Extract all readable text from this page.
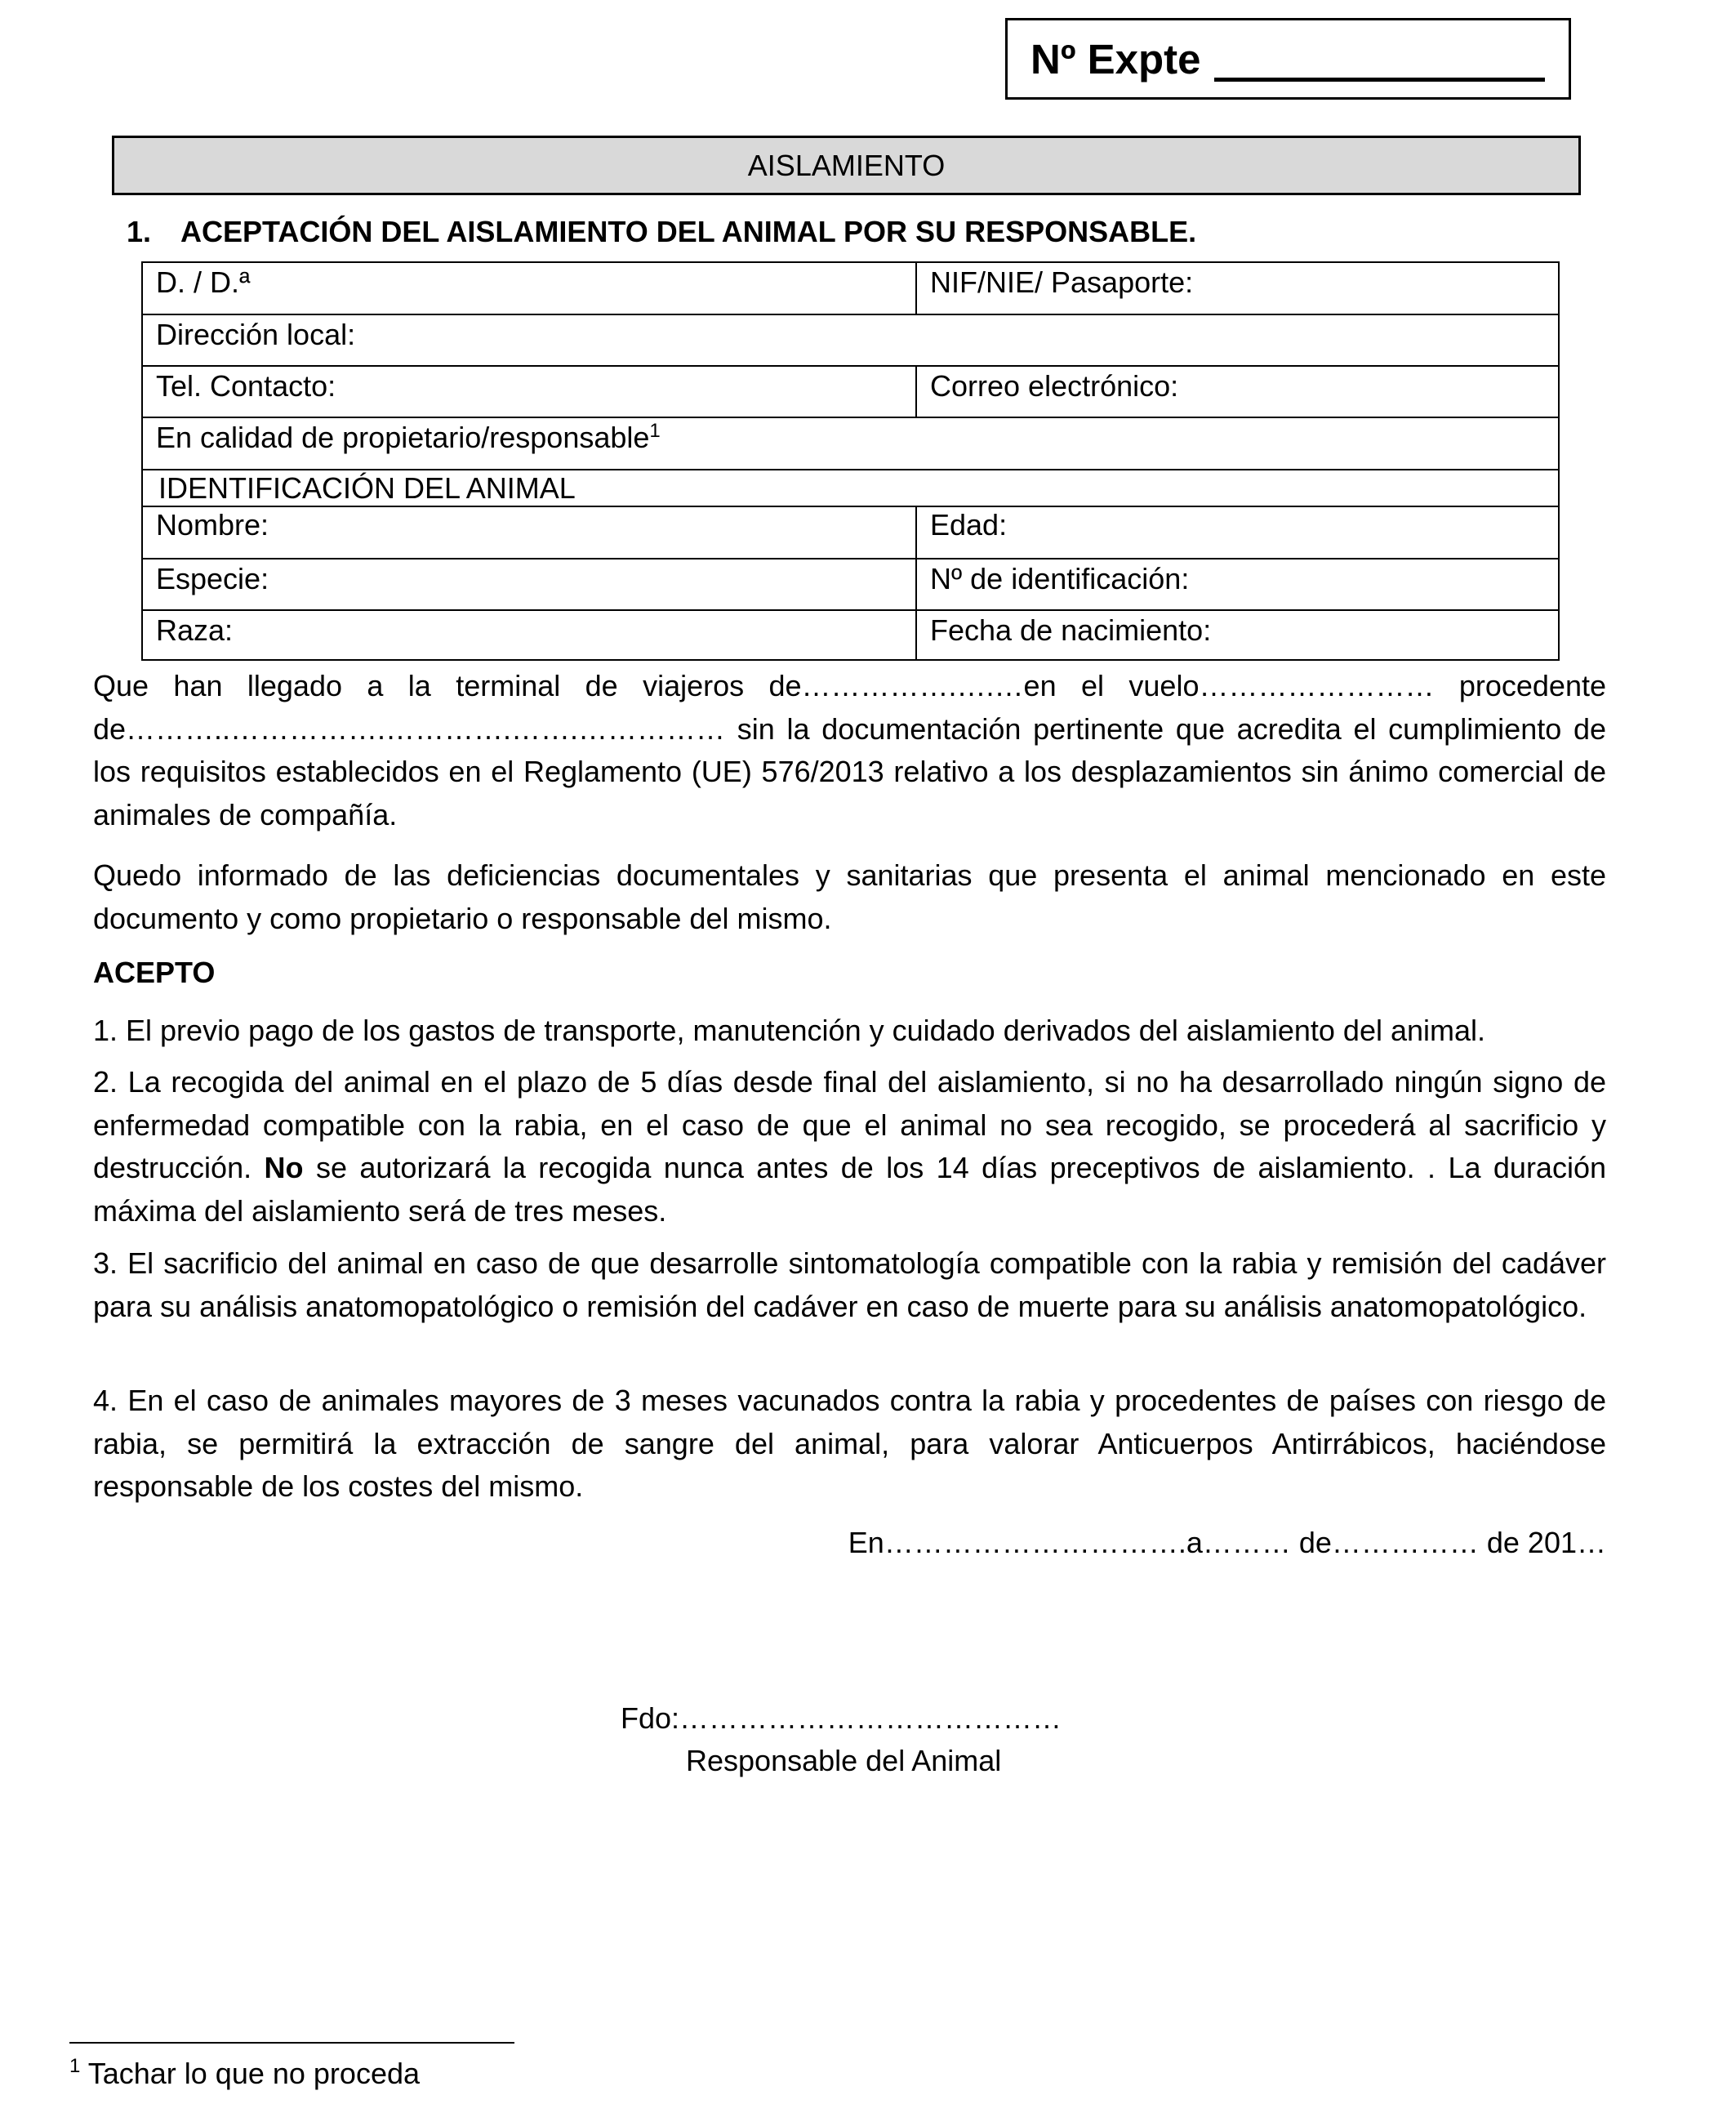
Nº Expte
AISLAMIENTO
1. ACEPTACIÓN DEL AISLAMIENTO DEL ANIMAL POR SU RESPONSABLE.
D. / D.ª	NIF/NIE/ Pasaporte:
Dirección local:
Tel. Contacto:	Correo electrónico:
En calidad de propietario/responsable$^1$
IDENTIFICACIÓN DEL ANIMAL
Nombre:	Edad:
Especie:	Nº de identificación:
Raza:	Fecha de nacimiento:
Que han llegado a la terminal de viajeros de…………….….…en el vuelo…………………… procedente de………..…………….………….…….…………… sin la documentación pertinente que acredita el cumplimiento de los requisitos establecidos en el Reglamento (UE) 576/2013 relativo a los desplazamientos sin ánimo comercial de animales de compañía.
Quedo informado de las deficiencias documentales y sanitarias que presenta el animal mencionado en este documento y como propietario o responsable del mismo.
ACEPTO
1. El previo pago de los gastos de transporte, manutención y cuidado derivados del aislamiento del animal.
2. La recogida del animal en el plazo de 5 días desde final del aislamiento, si no ha desarrollado ningún signo de enfermedad compatible con la rabia, en el caso de que el animal no sea recogido, se procederá al sacrificio y destrucción. No se autorizará la recogida nunca antes de los 14 días preceptivos de aislamiento. . La duración máxima del aislamiento será de tres meses.
3. El sacrificio del animal en caso de que desarrolle sintomatología compatible con la rabia y remisión del cadáver para su análisis anatomopatológico o remisión del cadáver en caso de muerte para su análisis anatomopatológico.
4. En el caso de animales mayores de 3 meses vacunados contra la rabia y procedentes de países con riesgo de rabia, se permitirá la extracción de sangre del animal, para valorar Anticuerpos Antirrábicos, haciéndose responsable de los costes del mismo.
En………………………….a……… de…………… de 201…
Fdo:…………………………………
Responsable del Animal
$^1$ Tachar lo que no proceda
